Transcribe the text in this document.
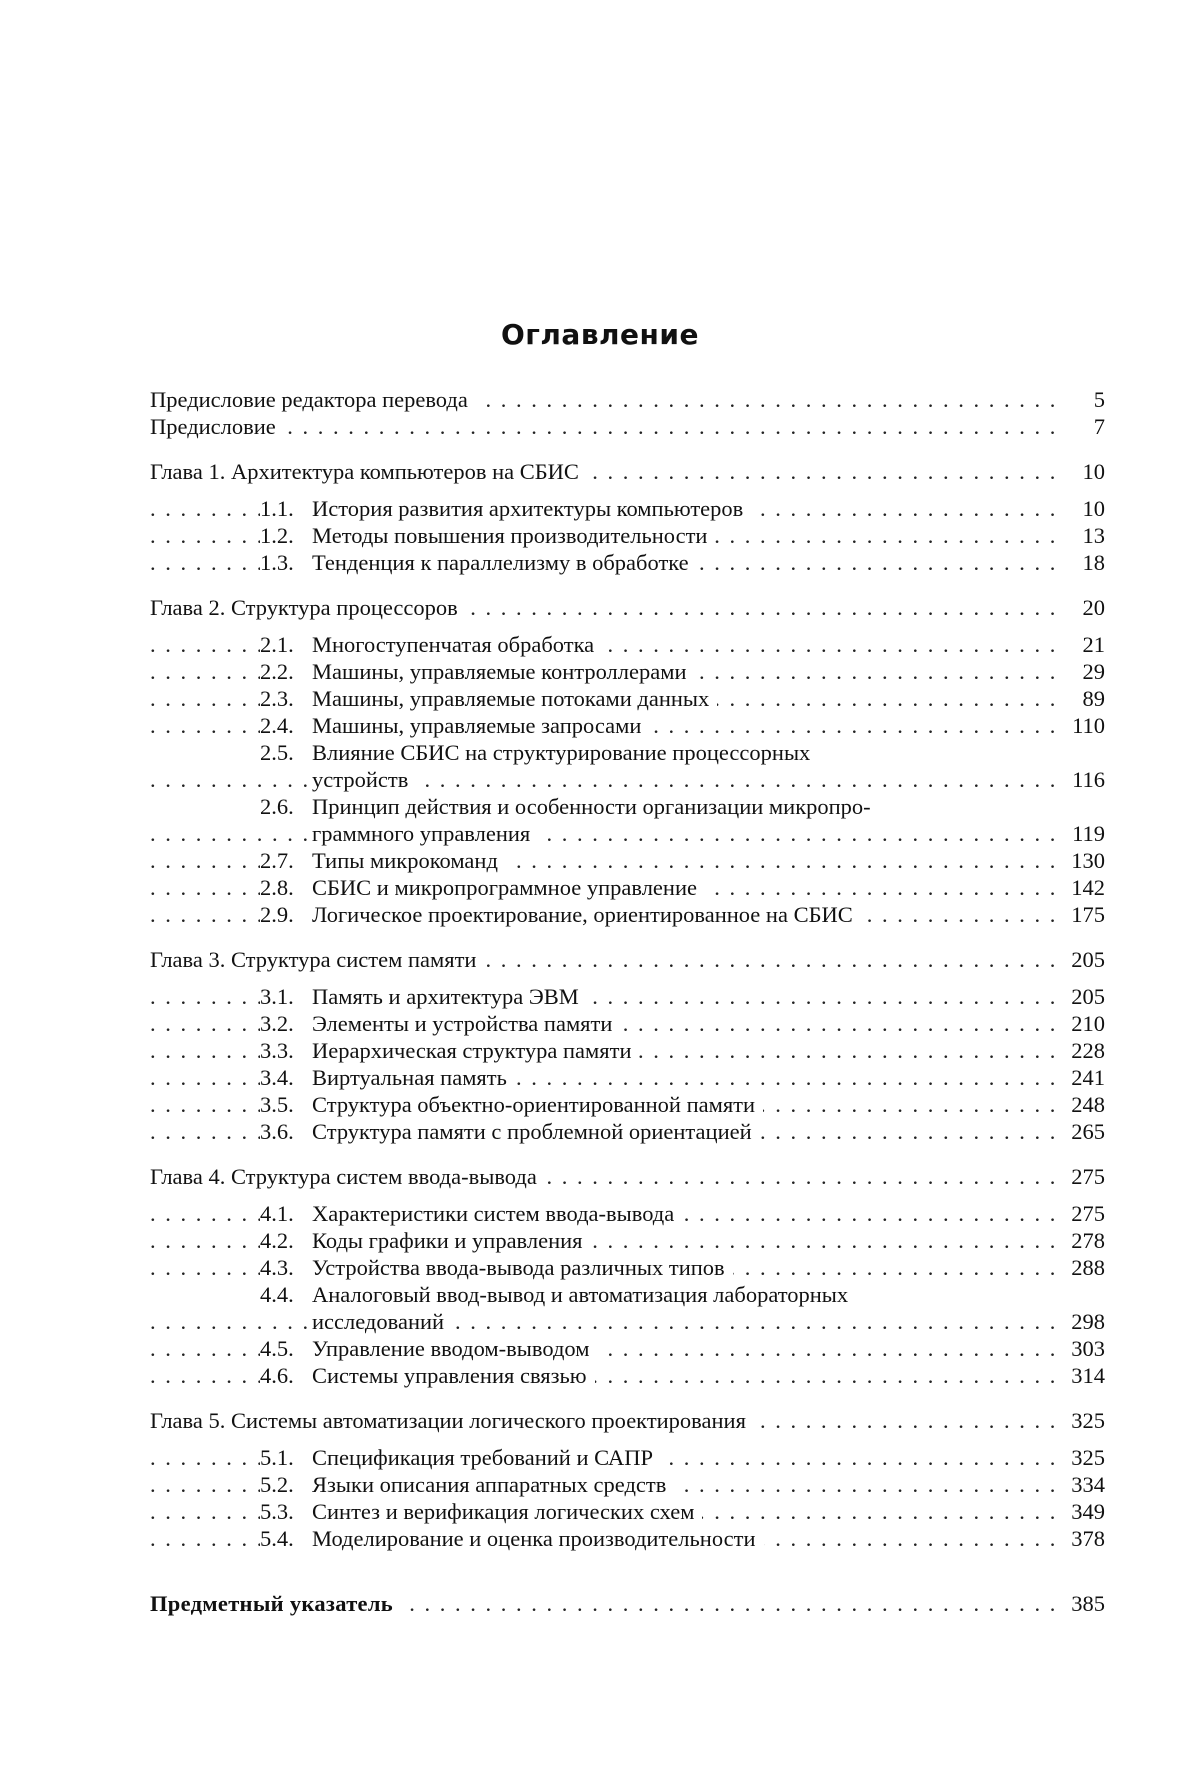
Оглавление
. . .
Предисловие редактора перевода	5
. . .
Предисловие	7
. . .
Глава 1. Архитектура компьютеров на СБИС	10
. . .
1.1. История развития архитектуры компьютеров	10
. . .
1.2. Методы повышения производительности	13
. . .
1.3. Тенденция к параллелизму в обработке	18
. . .
Глава 2. Структура процессоров	20
. . .
2.1. Многоступенчатая обработка	21
. . .
2.2. Машины, управляемые контроллерами	29
. . .
2.3. Машины, управляемые потоками данных	89
. . .
2.4. Машины, управляемые запросами	110
2.5. Влияние СБИС на структурирование процессорных
. . .
устройств	116
2.6. Принцип действия и особенности организации микропро-
. . .
граммного управления	119
. . .
2.7. Типы микрокоманд	130
. . .
2.8. СБИС и микропрограммное управление	142
. . .
2.9. Логическое проектирование, ориентированное на СБИС	175
. . .
Глава 3. Структура систем памяти	205
. . .
3.1. Память и архитектура ЭВМ	205
. . .
3.2. Элементы и устройства памяти	210
. . .
3.3. Иерархическая структура памяти	228
. . .
3.4. Виртуальная память	241
. . .
3.5. Структура объектно-ориентированной памяти	248
. . .
3.6. Структура памяти с проблемной ориентацией	265
. . .
Глава 4. Структура систем ввода-вывода	275
. . .
4.1. Характеристики систем ввода-вывода	275
. . .
4.2. Коды графики и управления	278
. . .
4.3. Устройства ввода-вывода различных типов	288
4.4. Аналоговый ввод-вывод и автоматизация лабораторных
. . .
исследований	298
. . .
4.5. Управление вводом-выводом	303
. . .
4.6. Системы управления связью	314
. . .
Глава 5. Системы автоматизации логического проектирования	325
. . .
5.1. Спецификация требований и САПР	325
. . .
5.2. Языки описания аппаратных средств	334
. . .
5.3. Синтез и верификация логических схем	349
. . .
5.4. Моделирование и оценка производительности	378
. . .
Предметный указатель	385
